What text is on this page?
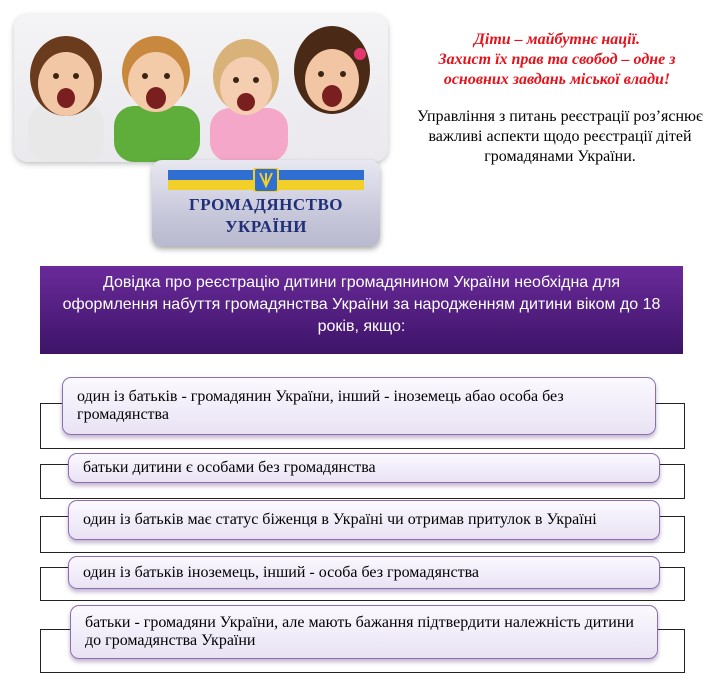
ГРОМАДЯНСТВО
УКРАЇНИ
Діти – майбутнє нації.
Захист їх прав та свобод – одне з
основних завдань міської влади!
Управління з питань реєстрації роз’яснює важливі аспекти щодо реєстрації дітей громадянами України.
Довідка про реєстрацію дитини громадянином України необхідна для оформлення набуття громадянства України за народженням дитини віком до 18 років, якщо:
один із батьків - громадянин України, інший - іноземець абао особа без громадянства
батьки дитини є особами без громадянства
один із батьків має статус біженця в Україні чи отримав притулок в Україні
один із батьків іноземець, інший - особа без громадянства
батьки - громадяни України, але мають бажання підтвердити належність дитини до громадянства України
